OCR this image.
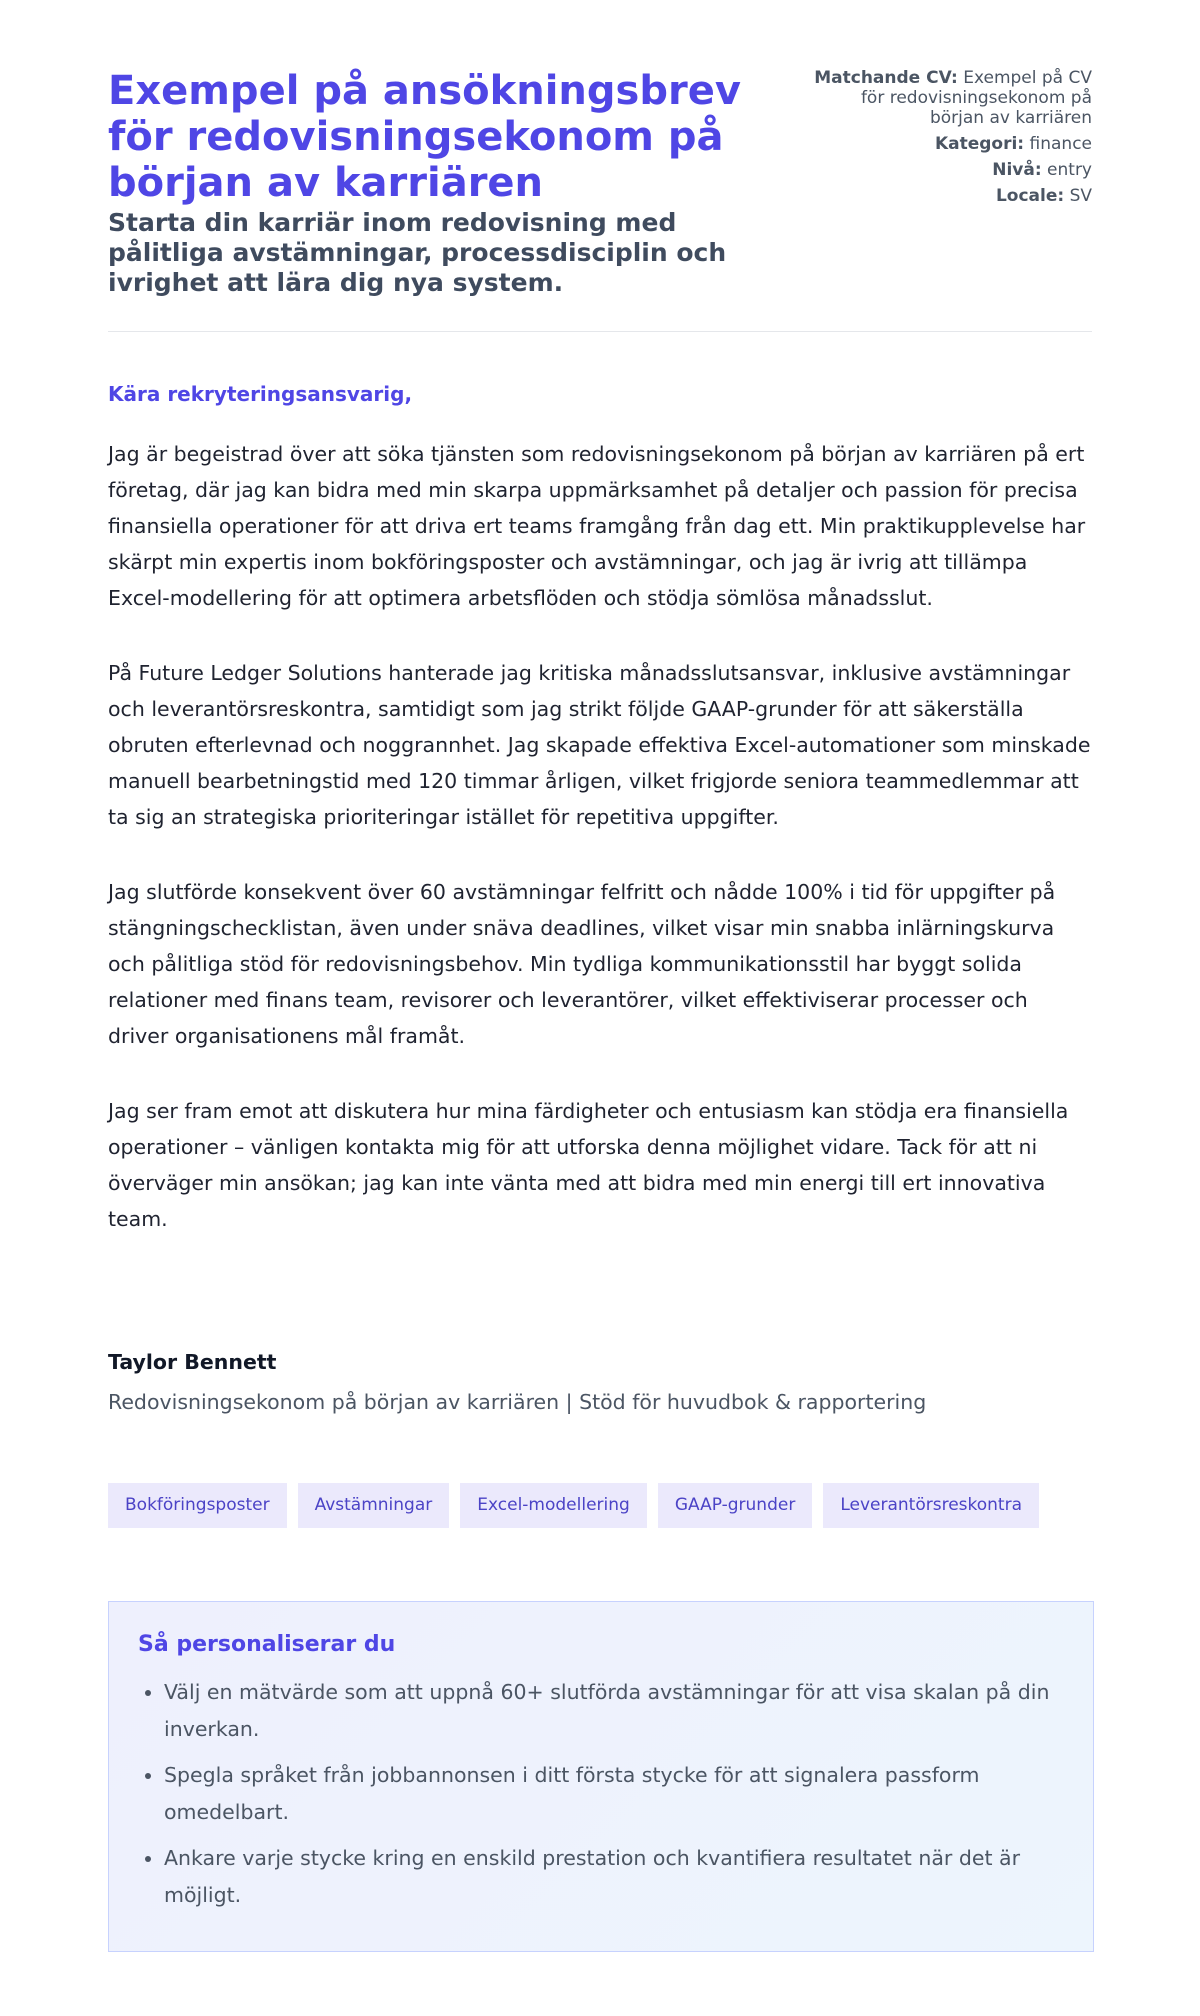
Exempel på ansökningsbrev för redovisningsekonom på början av karriären
Starta din karriär inom redovisning med pålitliga avstämningar, processdisciplin och ivrighet att lära dig nya system.
Matchande CV: Exempel på CV för redovisningsekonom på början av karriären
Kategori: finance
Nivå: entry
Locale: SV
Kära rekryteringsansvarig,

Jag är begeistrad över att söka tjänsten som redovisningsekonom på början av karriären på ert företag, där jag kan bidra med min skarpa uppmärksamhet på detaljer och passion för precisa finansiella operationer för att driva ert teams framgång från dag ett. Min praktikupplevelse har skärpt min expertis inom bokföringsposter och avstämningar, och jag är ivrig att tillämpa Excel-modellering för att optimera arbetsflöden och stödja sömlösa månadsslut.

På Future Ledger Solutions hanterade jag kritiska månadsslutsansvar, inklusive avstämningar och leverantörsreskontra, samtidigt som jag strikt följde GAAP-grunder för att säkerställa obruten efterlevnad och noggrannhet. Jag skapade effektiva Excel-automationer som minskade manuell bearbetningstid med 120 timmar årligen, vilket frigjorde seniora teammedlemmar att ta sig an strategiska prioriteringar istället för repetitiva uppgifter.

Jag slutförde konsekvent över 60 avstämningar felfritt och nådde 100% i tid för uppgifter på stängningschecklistan, även under snäva deadlines, vilket visar min snabba inlärningskurva och pålitliga stöd för redovisningsbehov. Min tydliga kommunikationsstil har byggt solida relationer med finans team, revisorer och leverantörer, vilket effektiviserar processer och driver organisationens mål framåt.

Jag ser fram emot att diskutera hur mina färdigheter och entusiasm kan stödja era finansiella operationer – vänligen kontakta mig för att utforska denna möjlighet vidare. Tack för att ni överväger min ansökan; jag kan inte vänta med att bidra med min energi till ert innovativa team.

Taylor Bennett
Redovisningsekonom på början av karriären | Stöd för huvudbok & rapportering
Bokföringsposter	Avstämningar	Excel-modellering	GAAP-grunder	Leverantörsreskontra
Så personaliserar du
• Välj en mätvärde som att uppnå 60+ slutförda avstämningar för att visa skalan på din inverkan.
• Spegla språket från jobbannonsen i ditt första stycke för att signalera passform omedelbart.
• Ankare varje stycke kring en enskild prestation och kvantifiera resultatet när det är möjligt.
